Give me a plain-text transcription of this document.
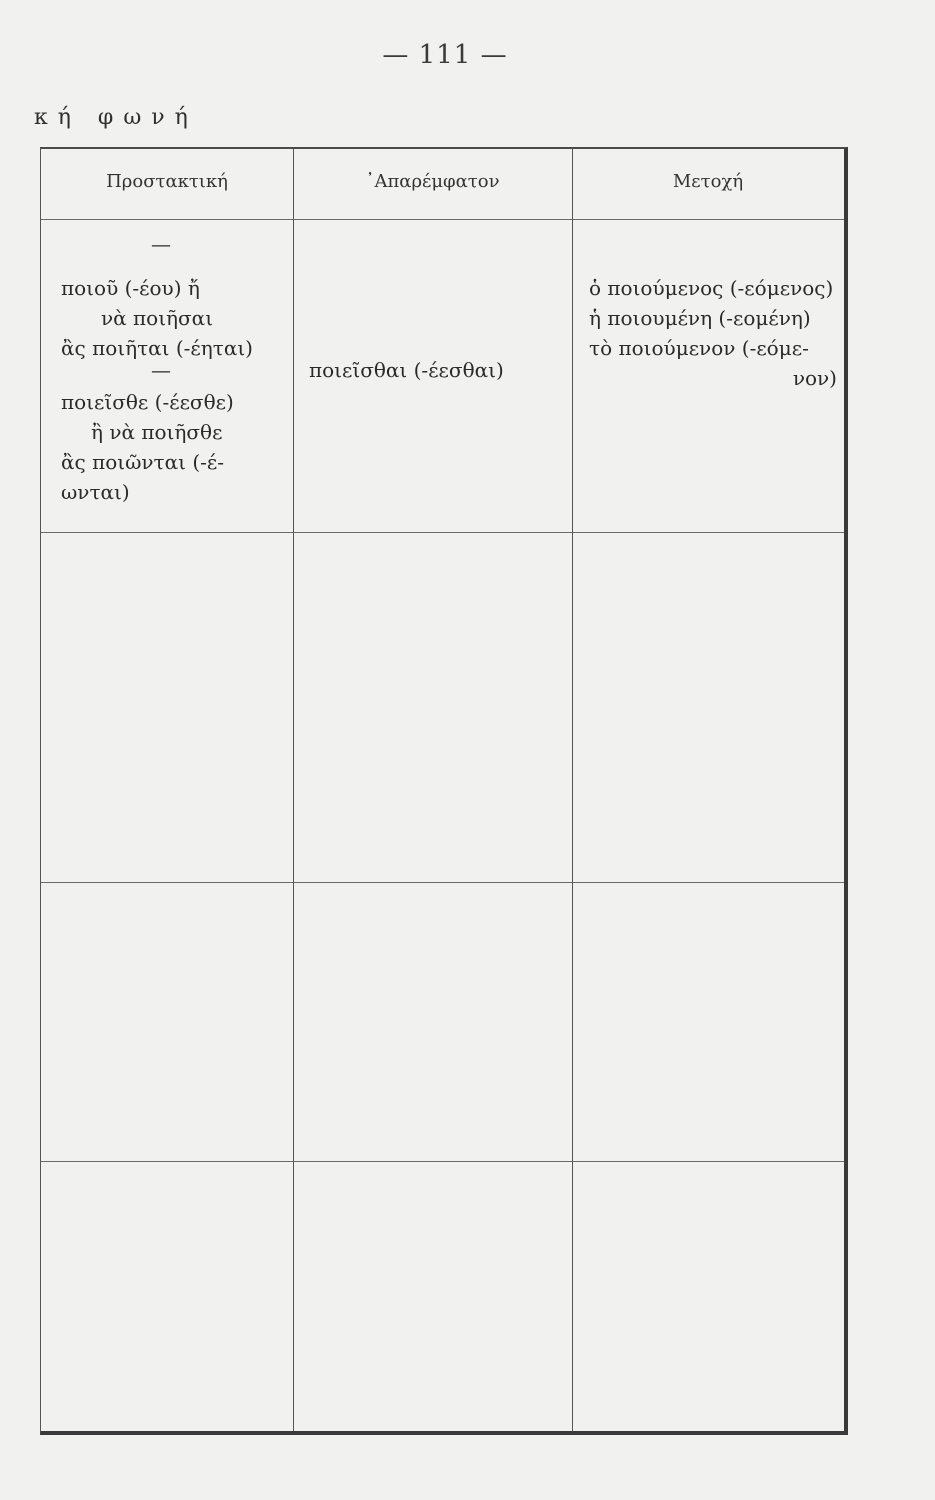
— 111 —
κή φωνή
Προστακτική	᾿Απαρέμφατον	Μετοχή
—
ποιοῦ (-έου) ἤ
νὰ ποιῆσαι
ἂς ποιῆται (-έηται)
—
ποιεῖσθε (-έεσθε)
ἢ νὰ ποιῆσθε
ἂς ποιῶνται (-έ-
ωνται)
ποιεῖσθαι (-έεσθαι)
ὁ ποιούμενος (-εόμενος)
ἡ ποιουμένη (-εομένη)
τὸ ποιούμενον (-εόμε-
νον)
